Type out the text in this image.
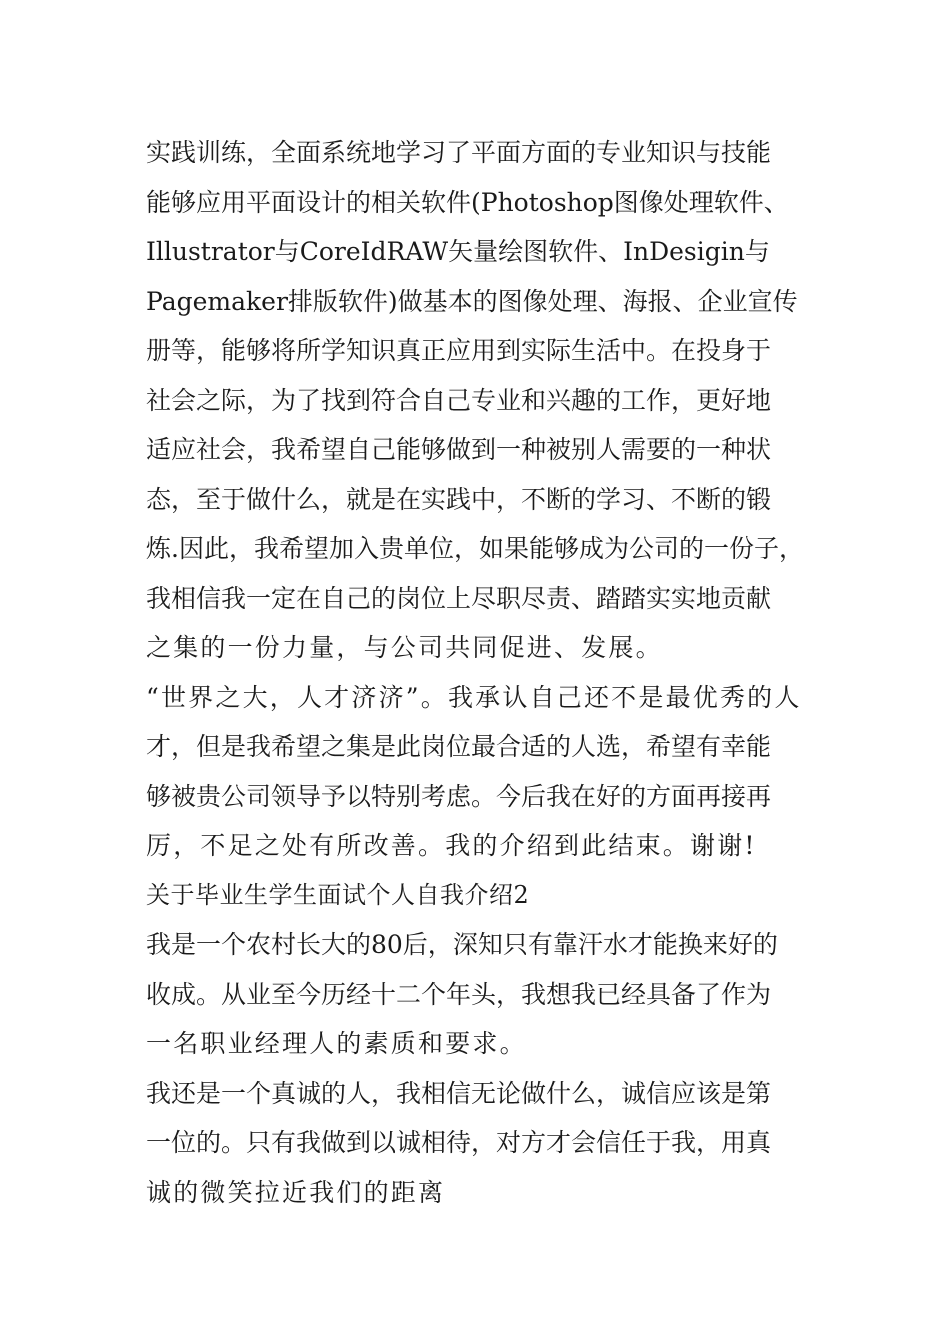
实践训练，全面系统地学习了平面方面的专业知识与技能
能够应用平面设计的相关软件(Photoshop图像处理软件、
Illustrator与CoreIdRAW矢量绘图软件、InDesigin与
Pagemaker排版软件)做基本的图像处理、海报、企业宣传
册等，能够将所学知识真正应用到实际生活中。在投身于
社会之际，为了找到符合自己专业和兴趣的工作，更好地
适应社会，我希望自己能够做到一种被别人需要的一种状
态，至于做什么，就是在实践中，不断的学习、不断的锻
炼.因此，我希望加入贵单位，如果能够成为公司的一份子，
我相信我一定在自己的岗位上尽职尽责、踏踏实实地贡献
之集的一份力量，与公司共同促进、发展。
“世界之大，人才济济”。我承认自己还不是最优秀的人
才，但是我希望之集是此岗位最合适的人选，希望有幸能
够被贵公司领导予以特别考虑。今后我在好的方面再接再
厉，不足之处有所改善。我的介绍到此结束。谢谢!
关于毕业生学生面试个人自我介绍2
我是一个农村长大的80后，深知只有靠汗水才能换来好的
收成。从业至今历经十二个年头，我想我已经具备了作为
一名职业经理人的素质和要求。
我还是一个真诚的人，我相信无论做什么，诚信应该是第
一位的。只有我做到以诚相待，对方才会信任于我，用真
诚的微笑拉近我们的距离
